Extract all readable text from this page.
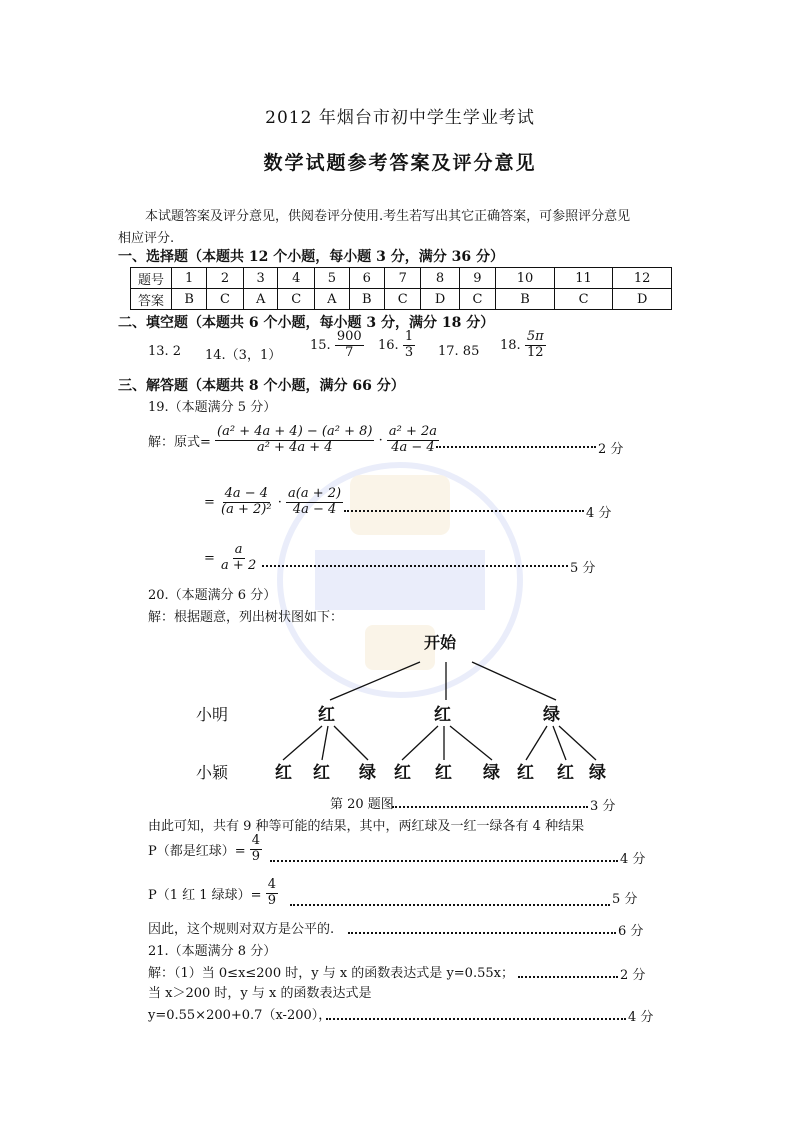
2012 年烟台市初中学生学业考试
数学试题参考答案及评分意见
本试题答案及评分意见，供阅卷评分使用.考生若写出其它正确答案，可参照评分意见
相应评分.
一、选择题（本题共 12 个小题，每小题 3 分，满分 36 分）
题号	1	2	3	4	5	6	7	8	9	10	11	12
答案	B	C	A	C	A	B	C	D	C	B	C	D
二、填空题（本题共 6 个小题，每小题 3 分，满分 18 分）
13. 2 14.（3，1）
15. $\frac{900}{7} 16$. $\frac{1}{3} 17$. 85 18. $\frac{5\pi}{12}$
三、解答题（本题共 8 个小题，满分 66 分）
19.（本题满分 5 分）
解：原式= $\frac{\text{(a² + 4a + 4) − (a² + 8)}}{\text{a² + 4a + 4}} \cdot \frac{\text{a² + 2a}}{4a - 4}$	2 分
= $\frac{4a - 4}{\text{(a + 2)²}} \cdot \frac{a(a + 2)}{4a - 4}$	4 分
= $\frac{a}{a + 2}$	5 分
20.（本题满分 6 分）
解：根据题意，列出树状图如下：
开始
小明
小颖
红	红	绿
红 红 绿 红 红 绿 红 红 绿
第 20 题图	3 分
由此可知，共有 9 种等可能的结果，其中，两红球及一红一绿各有 4 种结果
P（都是红球）= $\frac{4}{9}$	4 分
P（1 红 1 绿球）= $\frac{4}{9}$	5 分
因此，这个规则对双方是公平的.	6 分
21.（本题满分 8 分）
解：（1）当 0≤x≤200 时，y 与 x 的函数表达式是 y=0.55x；	2 分
当 x＞200 时，y 与 x 的函数表达式是
y=0.55×200+0.7（x-200），	4 分
